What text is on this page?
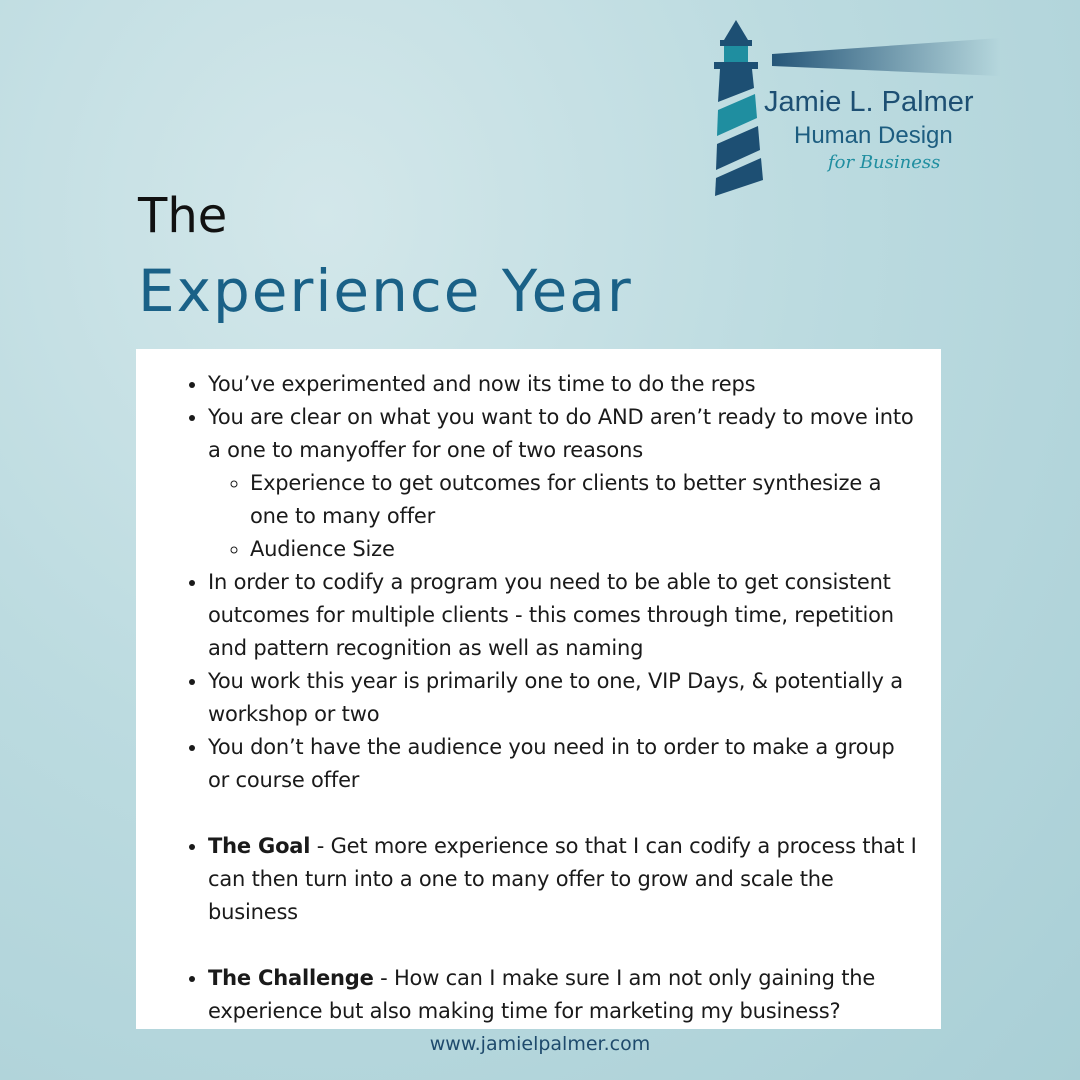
Jamie L. Palmer
Human Design
for Business
The
Experience Year
• You’ve experimented and now its time to do the reps
• You are clear on what you want to do AND aren’t ready to move into a one to manyoffer for one of two reasons
◦ Experience to get outcomes for clients to better synthesize a one to many offer
◦ Audience Size
• In order to codify a program you need to be able to get consistent outcomes for multiple clients - this comes through time, repetition and pattern recognition as well as naming
• You work this year is primarily one to one, VIP Days, & potentially a workshop or two
• You don’t have the audience you need in to order to make a group or course offer
• The Goal - Get more experience so that I can codify a process that I can then turn into a one to many offer to grow and scale the business
• The Challenge - How can I make sure I am not only gaining the experience but also making time for marketing my business?
www.jamielpalmer.com
